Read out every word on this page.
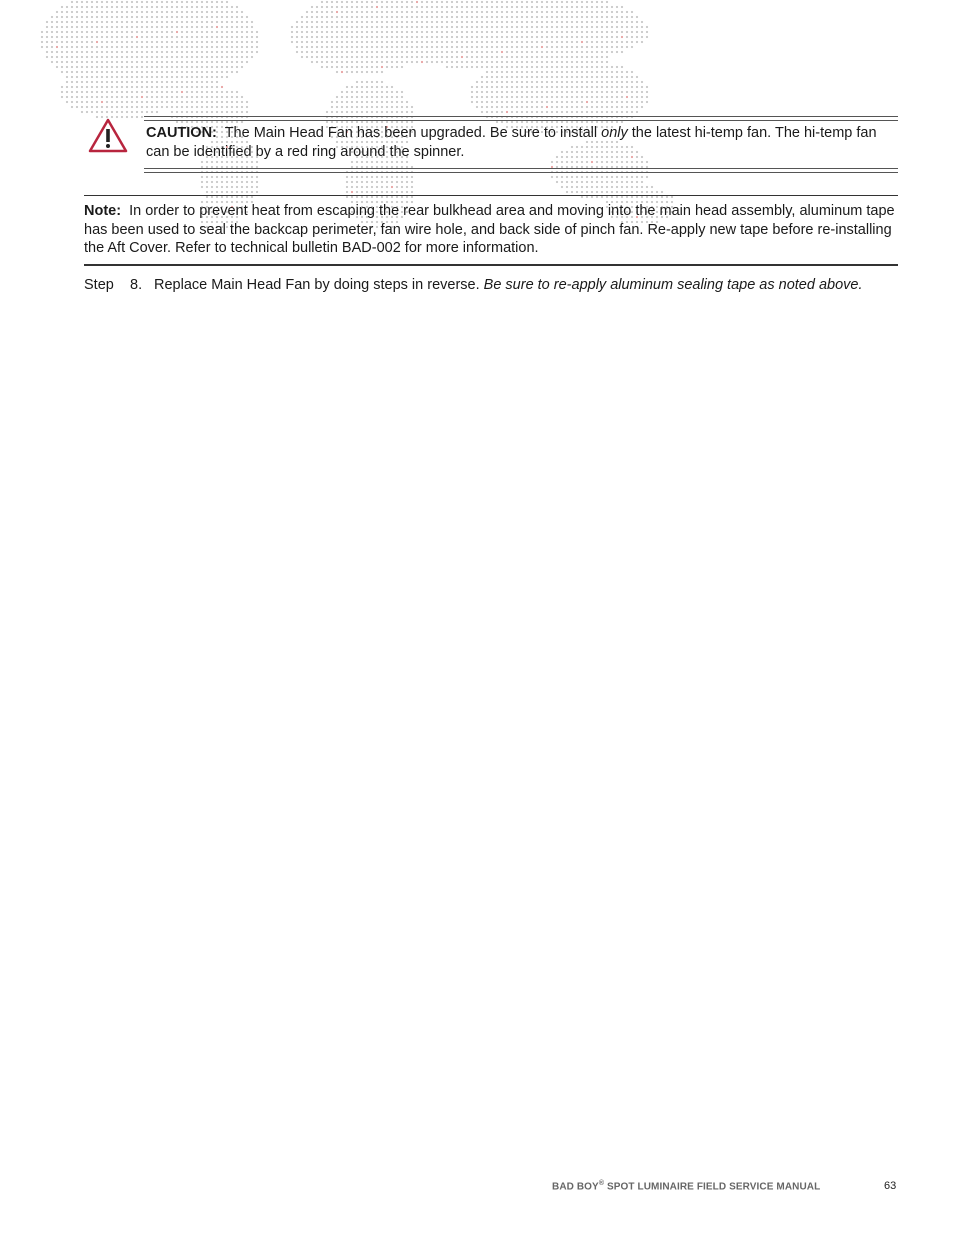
CAUTION: The Main Head Fan has been upgraded. Be sure to install only the latest hi-temp fan. The hi-temp fan can be identified by a red ring around the spinner.
Note: In order to prevent heat from escaping the rear bulkhead area and moving into the main head assembly, aluminum tape has been used to seal the backcap perimeter, fan wire hole, and back side of pinch fan. Re-apply new tape before re-installing the Aft Cover. Refer to technical bulletin BAD-002 for more information.
Step 8. Replace Main Head Fan by doing steps in reverse. Be sure to re-apply aluminum sealing tape as noted above.
BAD BOY® SPOT LUMINAIRE FIELD SERVICE MANUAL	63
